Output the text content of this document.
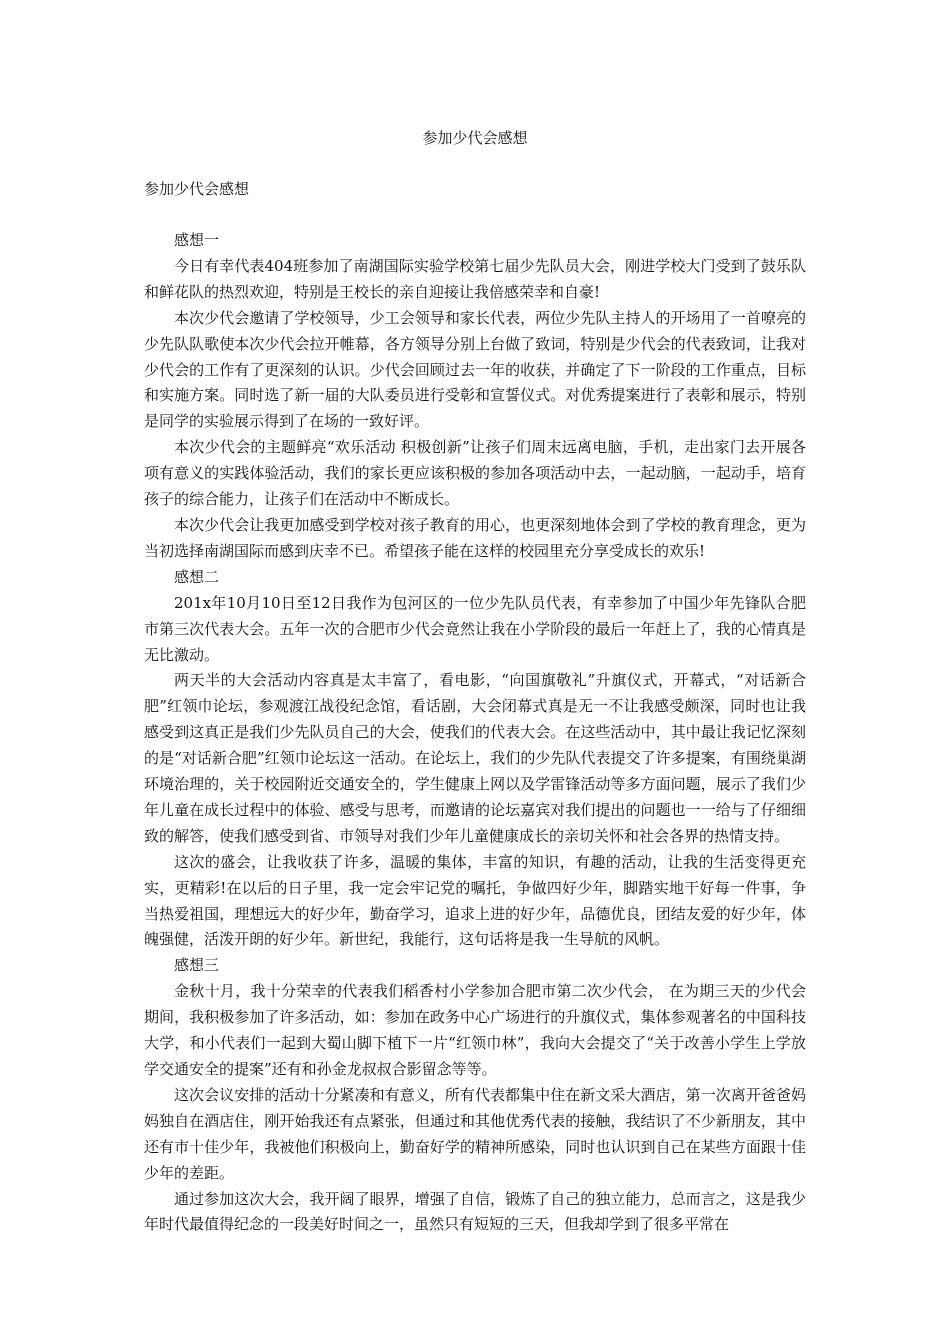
参加少代会感想
参加少代会感想

感想一

今日有幸代表404班参加了南湖国际实验学校第七届少先队员大会，刚进学校大门受到了鼓乐队和鲜花队的热烈欢迎，特别是王校长的亲自迎接让我倍感荣幸和自豪!

本次少代会邀请了学校领导，少工会领导和家长代表，两位少先队主持人的开场用了一首嘹亮的少先队队歌使本次少代会拉开帷幕，各方领导分别上台做了致词，特别是少代会的代表致词，让我对少代会的工作有了更深刻的认识。少代会回顾过去一年的收获，并确定了下一阶段的工作重点，目标和实施方案。同时选了新一届的大队委员进行受彰和宣誓仪式。对优秀提案进行了表彰和展示，特别是同学的实验展示得到了在场的一致好评。

本次少代会的主题鲜亮“欢乐活动 积极创新”让孩子们周末远离电脑，手机，走出家门去开展各项有意义的实践体验活动，我们的家长更应该积极的参加各项活动中去，一起动脑，一起动手，培育孩子的综合能力，让孩子们在活动中不断成长。

本次少代会让我更加感受到学校对孩子教育的用心，也更深刻地体会到了学校的教育理念，更为当初选择南湖国际而感到庆幸不已。希望孩子能在这样的校园里充分享受成长的欢乐!

感想二

201x年10月10日至12日我作为包河区的一位少先队员代表，有幸参加了中国少年先锋队合肥市第三次代表大会。五年一次的合肥市少代会竟然让我在小学阶段的最后一年赶上了，我的心情真是无比激动。

两天半的大会活动内容真是太丰富了，看电影，“向国旗敬礼”升旗仪式，开幕式，“对话新合肥”红领巾论坛，参观渡江战役纪念馆，看话剧，大会闭幕式真是无一不让我感受颇深，同时也让我感受到这真正是我们少先队员自己的大会，使我们的代表大会。在这些活动中，其中最让我记忆深刻的是“对话新合肥”红领巾论坛这一活动。在论坛上，我们的少先队代表提交了许多提案，有围绕巢湖环境治理的，关于校园附近交通安全的，学生健康上网以及学雷锋活动等多方面问题，展示了我们少年儿童在成长过程中的体验、感受与思考，而邀请的论坛嘉宾对我们提出的问题也一一给与了仔细细致的解答，使我们感受到省、市领导对我们少年儿童健康成长的亲切关怀和社会各界的热情支持。

这次的盛会，让我收获了许多，温暖的集体，丰富的知识，有趣的活动，让我的生活变得更充实，更精彩!在以后的日子里，我一定会牢记党的嘱托，争做四好少年，脚踏实地干好每一件事，争当热爱祖国，理想远大的好少年，勤奋学习，追求上进的好少年，品德优良，团结友爱的好少年，体魄强健，活泼开朗的好少年。新世纪，我能行，这句话将是我一生导航的风帆。

感想三

金秋十月，我十分荣幸的代表我们稻香村小学参加合肥市第二次少代会， 在为期三天的少代会期间，我积极参加了许多活动，如：参加在政务中心广场进行的升旗仪式，集体参观著名的中国科技大学，和小代表们一起到大蜀山脚下植下一片“红领巾林”，我向大会提交了“关于改善小学生上学放学交通安全的提案”还有和孙金龙叔叔合影留念等等。

这次会议安排的活动十分紧凑和有意义，所有代表都集中住在新文采大酒店，第一次离开爸爸妈妈独自在酒店住，刚开始我还有点紧张，但通过和其他优秀代表的接触，我结识了不少新朋友，其中还有市十佳少年，我被他们积极向上，勤奋好学的精神所感染，同时也认识到自己在某些方面跟十佳少年的差距。

通过参加这次大会，我开阔了眼界，增强了自信，锻炼了自己的独立能力，总而言之，这是我少年时代最值得纪念的一段美好时间之一，虽然只有短短的三天，但我却学到了很多平常在
